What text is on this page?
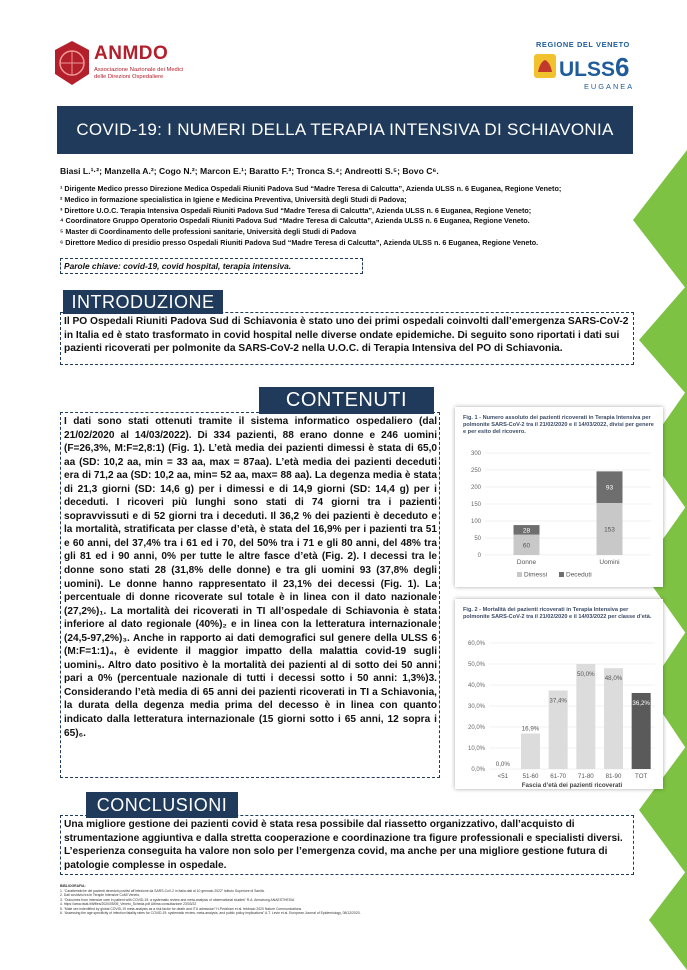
ANMDO
Associazione Nazionale dei Medici
delle Direzioni Ospedaliere
REGIONE DEL VENETO
ULSS6
EUGANEA
COVID-19: I NUMERI DELLA TERAPIA INTENSIVA DI SCHIAVONIA
Biasi L.¹·²; Manzella A.²; Cogo N.²; Marcon E.¹; Baratto F.³; Tronca S.⁴; Andreotti S.⁵; Bovo C⁶.
¹ Dirigente Medico presso Direzione Medica Ospedali Riuniti Padova Sud “Madre Teresa di Calcutta”, Azienda ULSS n. 6 Euganea, Regione Veneto;
² Medico in formazione specialistica in Igiene e Medicina Preventiva, Università degli Studi di Padova;
³ Direttore U.O.C. Terapia Intensiva Ospedali Riuniti Padova Sud “Madre Teresa di Calcutta”, Azienda ULSS n. 6 Euganea, Regione Veneto;
⁴ Coordinatore Gruppo Operatorio Ospedali Riuniti Padova Sud “Madre Teresa di Calcutta”, Azienda ULSS n. 6 Euganea, Regione Veneto.
⁵ Master di Coordinamento delle professioni sanitarie, Università degli Studi di Padova
⁶ Direttore Medico di presidio presso Ospedali Riuniti Padova Sud “Madre Teresa di Calcutta”, Azienda ULSS n. 6 Euganea, Regione Veneto.
Parole chiave: covid-19, covid hospital, terapia intensiva.
Il PO Ospedali Riuniti Padova Sud di Schiavonia è stato uno dei primi ospedali coinvolti dall’emergenza SARS-CoV-2 in Italia ed è stato trasformato in covid hospital nelle diverse ondate epidemiche. Di seguito sono riportati i dati sui pazienti ricoverati per polmonite da SARS-CoV-2 nella U.O.C. di Terapia Intensiva del PO di Schiavonia.
INTRODUZIONE
I dati sono stati ottenuti tramite il sistema informatico ospedaliero (dal 21/02/2020 al 14/03/2022). Di 334 pazienti, 88 erano donne e 246 uomini (F=26,3%, M:F=2,8:1) (Fig. 1). L’età media dei pazienti dimessi è stata di 65,0 aa (SD: 10,2 aa, min = 33 aa, max = 87aa). L’età media dei pazienti deceduti era di 71,2 aa (SD: 10,2 aa, min= 52 aa, max= 88 aa). La degenza media è stata di 21,3 giorni (SD: 14,6 g) per i dimessi e di 14,9 giorni (SD: 14,4 g) per i deceduti. I ricoveri più lunghi sono stati di 74 giorni tra i pazienti sopravvissuti e di 52 giorni tra i deceduti. Il 36,2 % dei pazienti è deceduto e la mortalità, stratificata per classe d’età, è stata del 16,9% per i pazienti tra 51 e 60 anni, del 37,4% tra i 61 ed i 70, del 50% tra i 71 e gli 80 anni, del 48% tra gli 81 ed i 90 anni, 0% per tutte le altre fasce d’età (Fig. 2). I decessi tra le donne sono stati 28 (31,8% delle donne) e tra gli uomini 93 (37,8% degli uomini). Le donne hanno rappresentato il 23,1% dei decessi (Fig. 1). La percentuale di donne ricoverate sul totale è in linea con il dato nazionale (27,2%)₁. La mortalità dei ricoverati in TI all’ospedale di Schiavonia è stata inferiore al dato regionale (40%)₂ e in linea con la letteratura internazionale (24,5-97,2%)₃. Anche in rapporto ai dati demografici sul genere della ULSS 6 (M:F=1:1)₄, è evidente il maggior impatto della malattia covid-19 sugli uomini₅. Altro dato positivo è la mortalità dei pazienti al di sotto dei 50 anni pari a 0% (percentuale nazionale di tutti i decessi sotto i 50 anni: 1,3%)3. Considerando l’età media di 65 anni dei pazienti ricoverati in TI a Schiavonia, la durata della degenza media prima del decesso è in linea con quanto indicato dalla letteratura internazionale (15 giorni sotto i 65 anni, 12 sopra i 65)₆.
CONTENUTI
Fig. 1 - Numero assoluto dei pazienti ricoverati in Terapia Intensiva per polmonite SARS-CoV-2 tra il 21/02/2020 e il 14/03/2022, divisi per genere e per esito del ricovero.
0
50
100
150
200
250
300
60
28
Donne
153
93
Uomini
Dimessi	Deceduti
Fig. 2 - Mortalità dei pazienti ricoverati in Terapia Intensiva per polmonite SARS-CoV-2 tra il 21/02/2020 e il 14/03/2022 per classe d’età.
0,0%
10,0%
20,0%
30,0%
40,0%
50,0%
60,0%
0,0%
<51
16,9%
51-60
37,4%
61-70
50,0%
71-80
48,0%
81-90
36,2%
TOT
Fascia d’età dei pazienti ricoverati
Una migliore gestione dei pazienti covid è stata resa possibile dal riassetto organizzativo, dall’acquisto di strumentazione aggiuntiva e dalla stretta cooperazione e coordinazione tra figure professionali e specialisti diversi. L’esperienza conseguita ha valore non solo per l’emergenza covid, ma anche per una migliore gestione futura di patologie complesse in ospedale.
CONCLUSIONI
BIBLIOGRAFIA:
1. “Caratteristiche dei pazienti deceduti positivi all’infezione da SARS-CoV-2 in Italia dati al 10 gennaio 2022” Istituto Superiore di Sanità.
2. Dati covidvisi tra le Terapie Intensive CoMI Veneto.
3. “Outcomes from intensive care in patient with COVID-19: a systematic review and meta-analysis of observational studies” R.A. Armstrong ANAESTHESIA
4. https://www.istat.it/it/files/2020/05/05_Veneto_Scheda.pdf Ultima consultazione 23/03/22
5. “Male sex indentified by global COVID-19 meta-analysis as a risk factor for death and ITU admission” H.Peckham et al. febbraio 2020 Nature Communications
6. “Assessing the age specificity of infection fatality rates for COVID-19: systematic review, meta-analysis, and public policy implications” A.T. Levin et al. European Journal of Epidemiology, 08/12/2020.
